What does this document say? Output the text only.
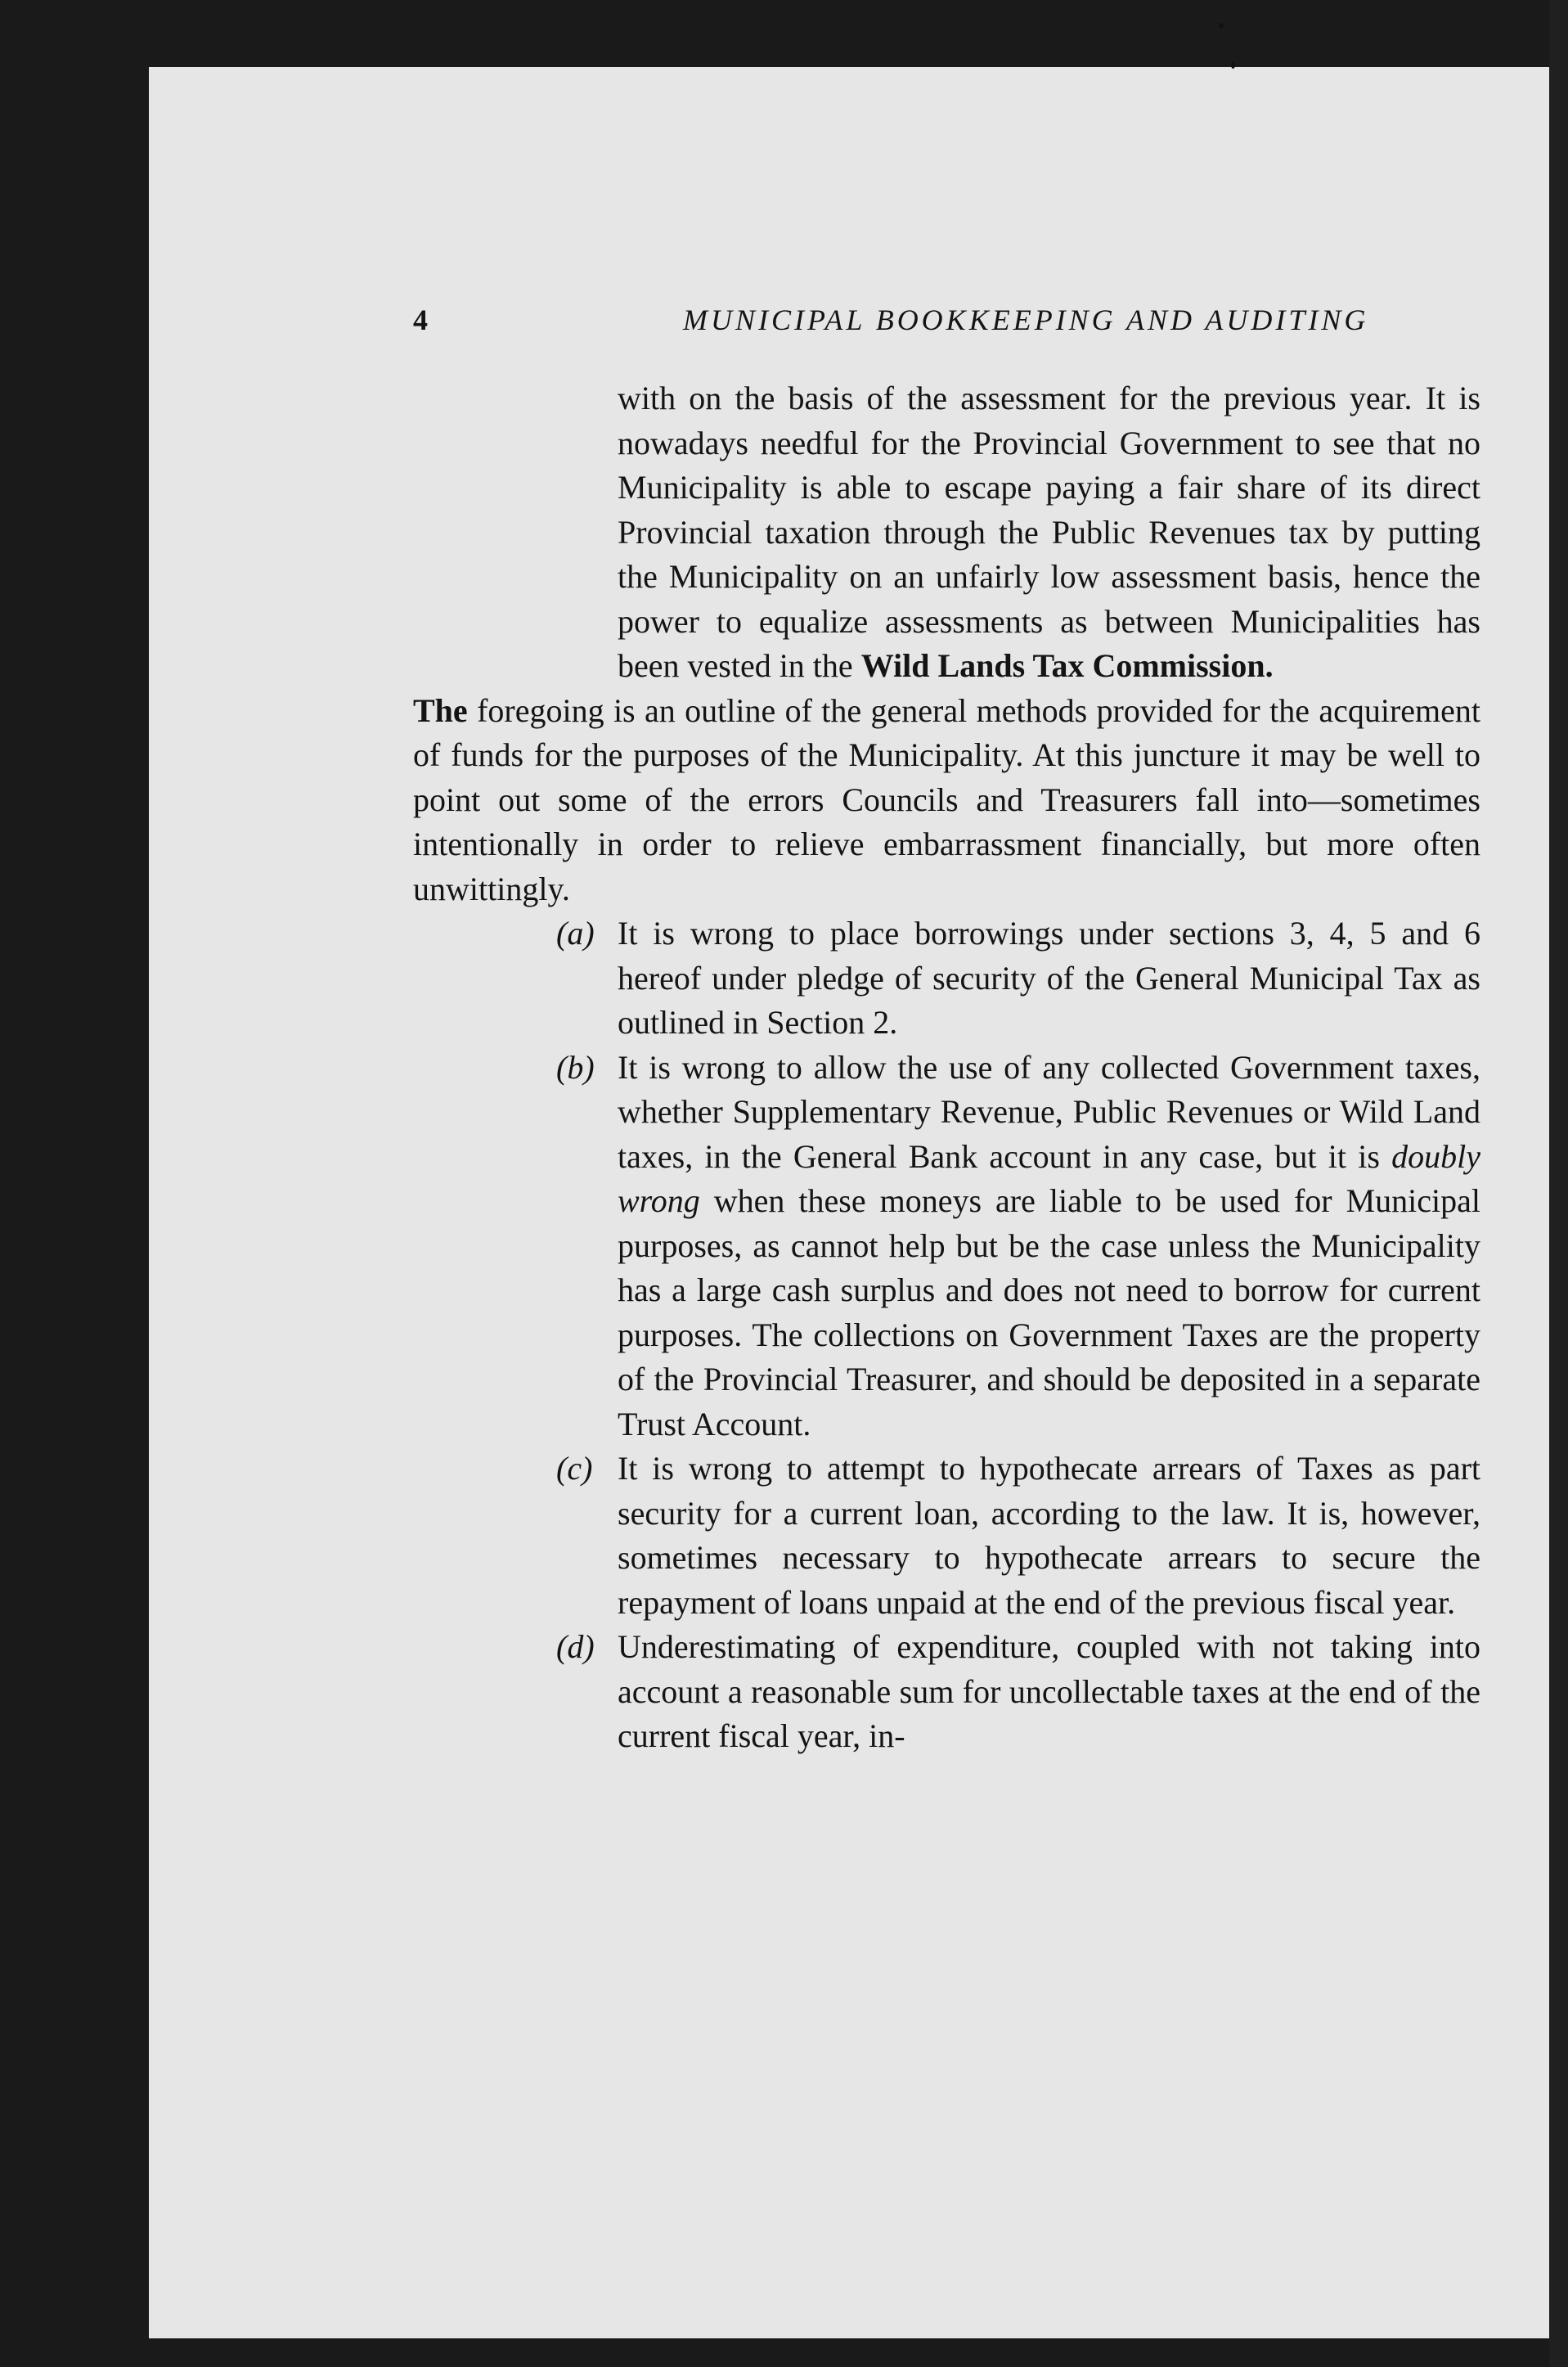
4	MUNICIPAL BOOKKEEPING AND AUDITING

with on the basis of the assessment for the previous year. It is nowadays needful for the Provincial Government to see that no Municipality is able to escape paying a fair share of its direct Provincial taxation through the Public Revenues tax by putting the Municipality on an unfairly low assessment basis, hence the power to equalize assessments as between Municipalities has been vested in the Wild Lands Tax Commission.

The foregoing is an outline of the general methods provided for the acquirement of funds for the purposes of the Municipality. At this juncture it may be well to point out some of the errors Councils and Treasurers fall into—sometimes intentionally in order to relieve embarrassment financially, but more often unwittingly.

(a) It is wrong to place borrowings under sections 3, 4, 5 and 6 hereof under pledge of security of the General Municipal Tax as outlined in Section 2.

(b) It is wrong to allow the use of any collected Government taxes, whether Supplementary Revenue, Public Revenues or Wild Land taxes, in the General Bank account in any case, but it is doubly wrong when these moneys are liable to be used for Municipal purposes, as cannot help but be the case unless the Municipality has a large cash surplus and does not need to borrow for current purposes. The collections on Government Taxes are the property of the Provincial Treasurer, and should be deposited in a separate Trust Account.

(c) It is wrong to attempt to hypothecate arrears of Taxes as part security for a current loan, according to the law. It is, however, sometimes necessary to hypothecate arrears to secure the repayment of loans unpaid at the end of the previous fiscal year.

(d) Underestimating of expenditure, coupled with not taking into account a reasonable sum for uncollectable taxes at the end of the current fiscal year, in-
